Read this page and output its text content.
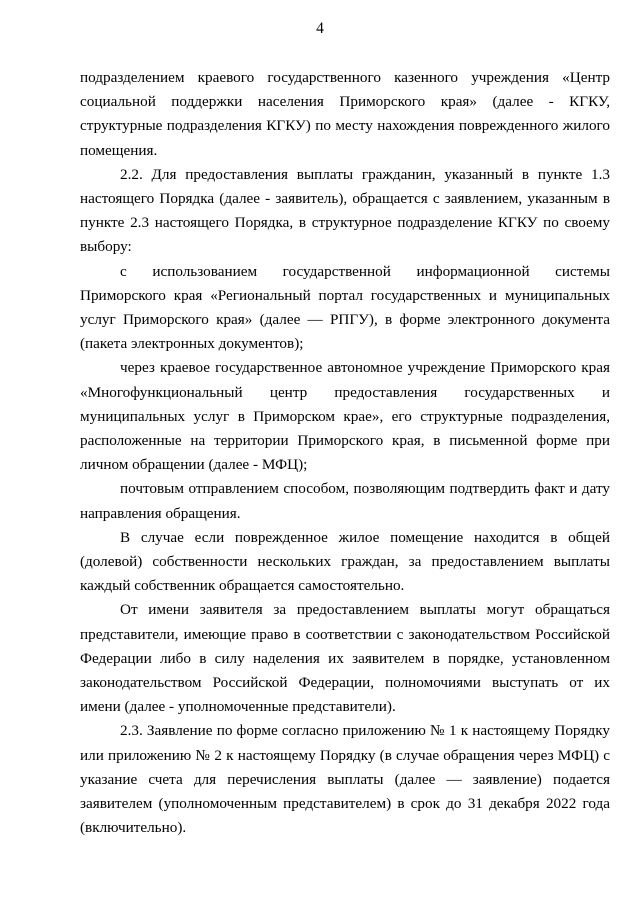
4

подразделением краевого государственного казенного учреждения «Центр социальной поддержки населения Приморского края» (далее - КГКУ, структурные подразделения КГКУ) по месту нахождения поврежденного жилого помещения.

2.2. Для предоставления выплаты гражданин, указанный в пункте 1.3 настоящего Порядка (далее - заявитель), обращается с заявлением, указанным в пункте 2.3 настоящего Порядка, в структурное подразделение КГКУ по своему выбору:

с использованием государственной информационной системы Приморского края «Региональный портал государственных и муниципальных услуг Приморского края» (далее — РПГУ), в форме электронного документа (пакета электронных документов);

через краевое государственное автономное учреждение Приморского края «Многофункциональный центр предоставления государственных и муниципальных услуг в Приморском крае», его структурные подразделения, расположенные на территории Приморского края, в письменной форме при личном обращении (далее - МФЦ);

почтовым отправлением способом, позволяющим подтвердить факт и дату направления обращения.

В случае если поврежденное жилое помещение находится в общей (долевой) собственности нескольких граждан, за предоставлением выплаты каждый собственник обращается самостоятельно.

От имени заявителя за предоставлением выплаты могут обращаться представители, имеющие право в соответствии с законодательством Российской Федерации либо в силу наделения их заявителем в порядке, установленном законодательством Российской Федерации, полномочиями выступать от их имени (далее - уполномоченные представители).

2.3. Заявление по форме согласно приложению № 1 к настоящему Порядку или приложению № 2 к настоящему Порядку (в случае обращения через МФЦ) с указание счета для перечисления выплаты (далее — заявление) подается заявителем (уполномоченным представителем) в срок до 31 декабря 2022 года (включительно).
